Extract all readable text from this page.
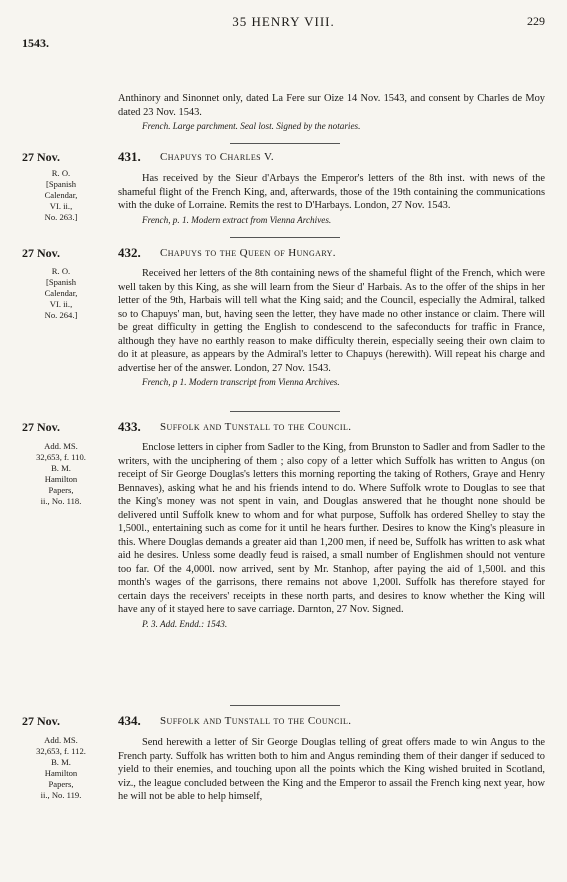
35 HENRY VIII.	229
1543.

Anthinory and Sinonnet only, dated La Fere sur Oize 14 Nov. 1543, and consent by Charles de Moy dated 23 Nov. 1543.

French. Large parchment. Seal lost. Signed by the notaries.

27 Nov.
R. O.
[Spanish
Calendar,
VI. ii.,
No. 263.]
431. Chapuys to Charles V.

Has received by the Sieur d'Arbays the Emperor's letters of the 8th inst. with news of the shameful flight of the French King, and, afterwards, those of the 19th containing the communications with the duke of Lorraine. Remits the rest to D'Harbays. London, 27 Nov. 1543.

French, p. 1. Modern extract from Vienna Archives.

27 Nov.
R. O.
[Spanish
Calendar,
VI. ii.,
No. 264.]
432. Chapuys to the Queen of Hungary.

Received her letters of the 8th containing news of the shameful flight of the French, which were well taken by this King, as she will learn from the Sieur d' Harbais. As to the offer of the ships in her letter of the 9th, Harbais will tell what the King said; and the Council, especially the Admiral, talked so to Chapuys' man, but, having seen the letter, they have made no other instance or claim. There will be great difficulty in getting the English to condescend to the safeconducts for traffic in France, although they have no earthly reason to make difficulty therein, especially seeing their own claim to do it at pleasure, as appears by the Admiral's letter to Chapuys (herewith). Will repeat his charge and advertise her of the answer. London, 27 Nov. 1543.

French, p 1. Modern transcript from Vienna Archives.

27 Nov.
Add. MS.
32,653, f. 110.
B. M.
Hamilton
Papers,
ii., No. 118.
433. Suffolk and Tunstall to the Council.

Enclose letters in cipher from Sadler to the King, from Brunston to Sadler and from Sadler to the writers, with the unciphering of them ; also copy of a letter which Suffolk has written to Angus (on receipt of Sir George Douglas's letters this morning reporting the taking of Rothers, Graye and Henry Bennaves), asking what he and his friends intend to do. Where Suffolk wrote to Douglas to see that the King's money was not spent in vain, and Douglas answered that he thought none should be delivered until Suffolk knew to whom and for what purpose, Suffolk has ordered Shelley to stay the 1,500l., entertaining such as come for it until he hears further. Desires to know the King's pleasure in this. Where Douglas demands a greater aid than 1,200 men, if need be, Suffolk has written to ask what aid he desires. Unless some deadly feud is raised, a small number of Englishmen should not venture too far. Of the 4,000l. now arrived, sent by Mr. Stanhop, after paying the aid of 1,500l. and this month's wages of the garrisons, there remains not above 1,200l. Suffolk has therefore stayed for certain days the receivers' receipts in these north parts, and desires to know whether the King will have any of it stayed here to save carriage. Darnton, 27 Nov. Signed.

P. 3. Add. Endd.: 1543.

27 Nov.
Add. MS.
32,653, f. 112.
B. M.
Hamilton
Papers,
ii., No. 119.
434. Suffolk and Tunstall to the Council.

Send herewith a letter of Sir George Douglas telling of great offers made to win Angus to the French party. Suffolk has written both to him and Angus reminding them of their danger if seduced to yield to their enemies, and touching upon all the points which the King wished bruited in Scotland, viz., the league concluded between the King and the Emperor to assail the French king next year, how he will not be able to help himself,
